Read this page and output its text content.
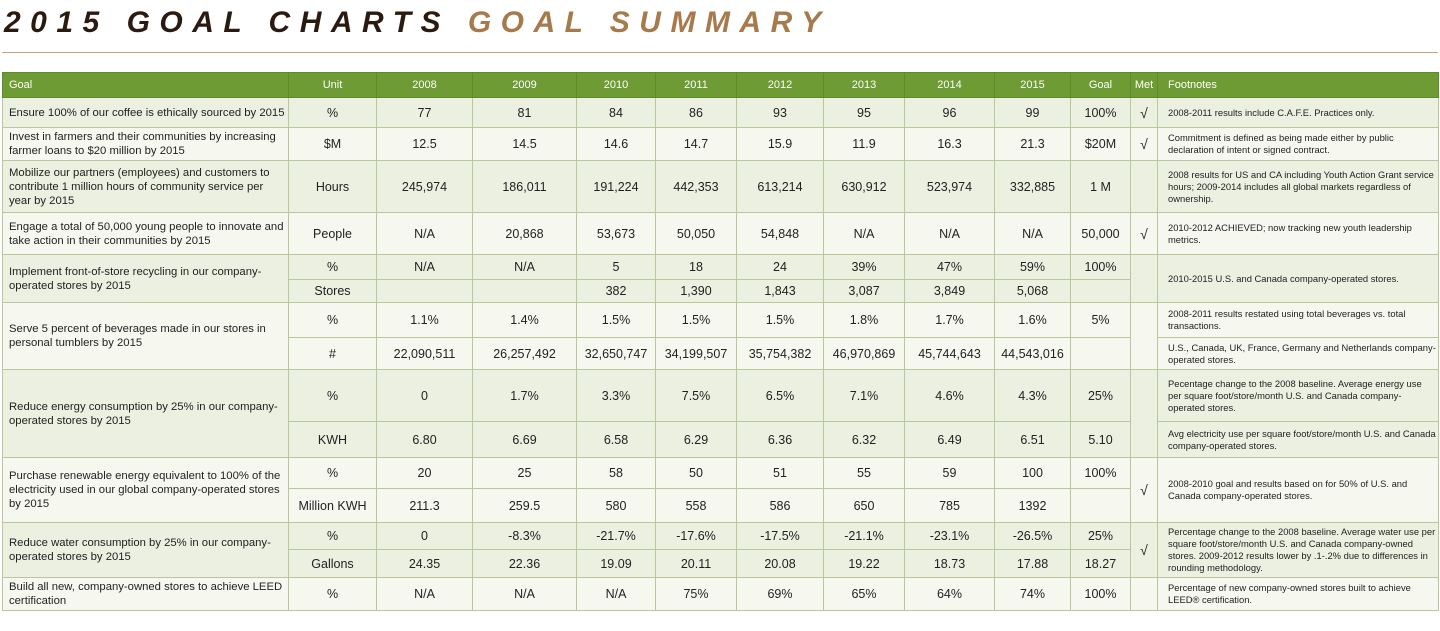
2015 GOAL CHARTS GOAL SUMMARY
Goal	Unit	2008	2009	2010	2011	2012	2013	2014	2015	Goal	Met	Footnotes
Ensure 100% of our coffee is ethically sourced by 2015	%	77	81	84	86	93	95	96	99	100%	√	2008-2011 results include C.A.F.E. Practices only.
Invest in farmers and their communities by increasing farmer loans to $20 million by 2015	$M	12.5	14.5	14.6	14.7	15.9	11.9	16.3	21.3	$20M	√	Commitment is defined as being made either by public declaration of intent or signed contract.
Mobilize our partners (employees) and customers to contribute 1 million hours of community service per year by 2015	Hours	245,974	186,011	191,224	442,353	613,214	630,912	523,974	332,885	1 M		2008 results for US and CA including Youth Action Grant service hours; 2009-2014 includes all global markets regardless of ownership.
Engage a total of 50,000 young people to innovate and take action in their communities by 2015	People	N/A	20,868	53,673	50,050	54,848	N/A	N/A	N/A	50,000	√	2010-2012 ACHIEVED; now tracking new youth leadership metrics.
Implement front-of-store recycling in our company-operated stores by 2015	%	N/A	N/A	5	18	24	39%	47%	59%	100%		2010-2015 U.S. and Canada company-operated stores.
	Stores			382	1,390	1,843	3,087	3,849	5,068			
Serve 5 percent of beverages made in our stores in personal tumblers by 2015	%	1.1%	1.4%	1.5%	1.5%	1.5%	1.8%	1.7%	1.6%	5%		2008-2011 results restated using total beverages vs. total transactions.
	#	22,090,511	26,257,492	32,650,747	34,199,507	35,754,382	46,970,869	45,744,643	44,543,016			U.S., Canada, UK, France, Germany and Netherlands company-operated stores.
Reduce energy consumption by 25% in our company-operated stores by 2015	%	0	1.7%	3.3%	7.5%	6.5%	7.1%	4.6%	4.3%	25%		Pecentage change to the 2008 baseline. Average energy use per square foot/store/month U.S. and Canada company-operated stores.
	KWH	6.80	6.69	6.58	6.29	6.36	6.32	6.49	6.51	5.10		Avg electricity use per square foot/store/month U.S. and Canada company-operated stores.
Purchase renewable energy equivalent to 100% of the electricity used in our global company-operated stores by 2015	%	20	25	58	50	51	55	59	100	100%	√	2008-2010 goal and results based on for 50% of U.S. and Canada company-operated stores.
	Million KWH	211.3	259.5	580	558	586	650	785	1392			
Reduce water consumption by 25% in our company-operated stores by 2015	%	0	-8.3%	-21.7%	-17.6%	-17.5%	-21.1%	-23.1%	-26.5%	25%	√	Percentage change to the 2008 baseline. Average water use per square foot/store/month U.S. and Canada company-owned stores. 2009-2012 results lower by .1-.2% due to differences in rounding methodology.
	Gallons	24.35	22.36	19.09	20.11	20.08	19.22	18.73	17.88	18.27		
Build all new, company-owned stores to achieve LEED certification	%	N/A	N/A	N/A	75%	69%	65%	64%	74%	100%		Percentage of new company-owned stores built to achieve LEED® certification.
